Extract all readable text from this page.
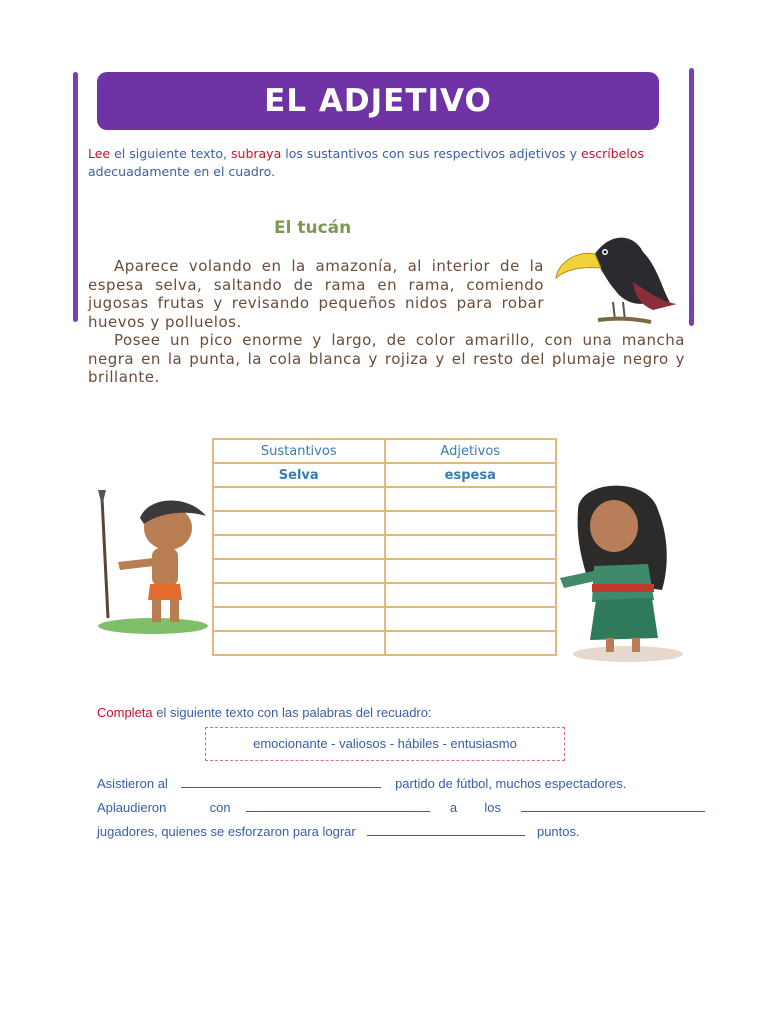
EL ADJETIVO
Lee el siguiente texto, subraya los sustantivos con sus respectivos adjetivos y escríbelos adecuadamente en el cuadro.
El tucán
Aparece volando en la amazonía, al interior de la espesa selva, saltando de rama en rama, comiendo jugosas frutas y revisando pequeños nidos para robar huevos y polluelos.
Posee un pico enorme y largo, de color amarillo, con una mancha negra en la punta, la cola blanca y rojiza y el resto del plumaje negro y brillante.
Sustantivos	Adjetivos
Selva	espesa

Completa el siguiente texto con las palabras del recuadro:
emocionante - valiosos - hábiles - entusiasmo
Asistieron al	partido de fútbol, muchos espectadores.
Aplaudieron	con	a los
jugadores, quienes se esforzaron para lograr	puntos.
